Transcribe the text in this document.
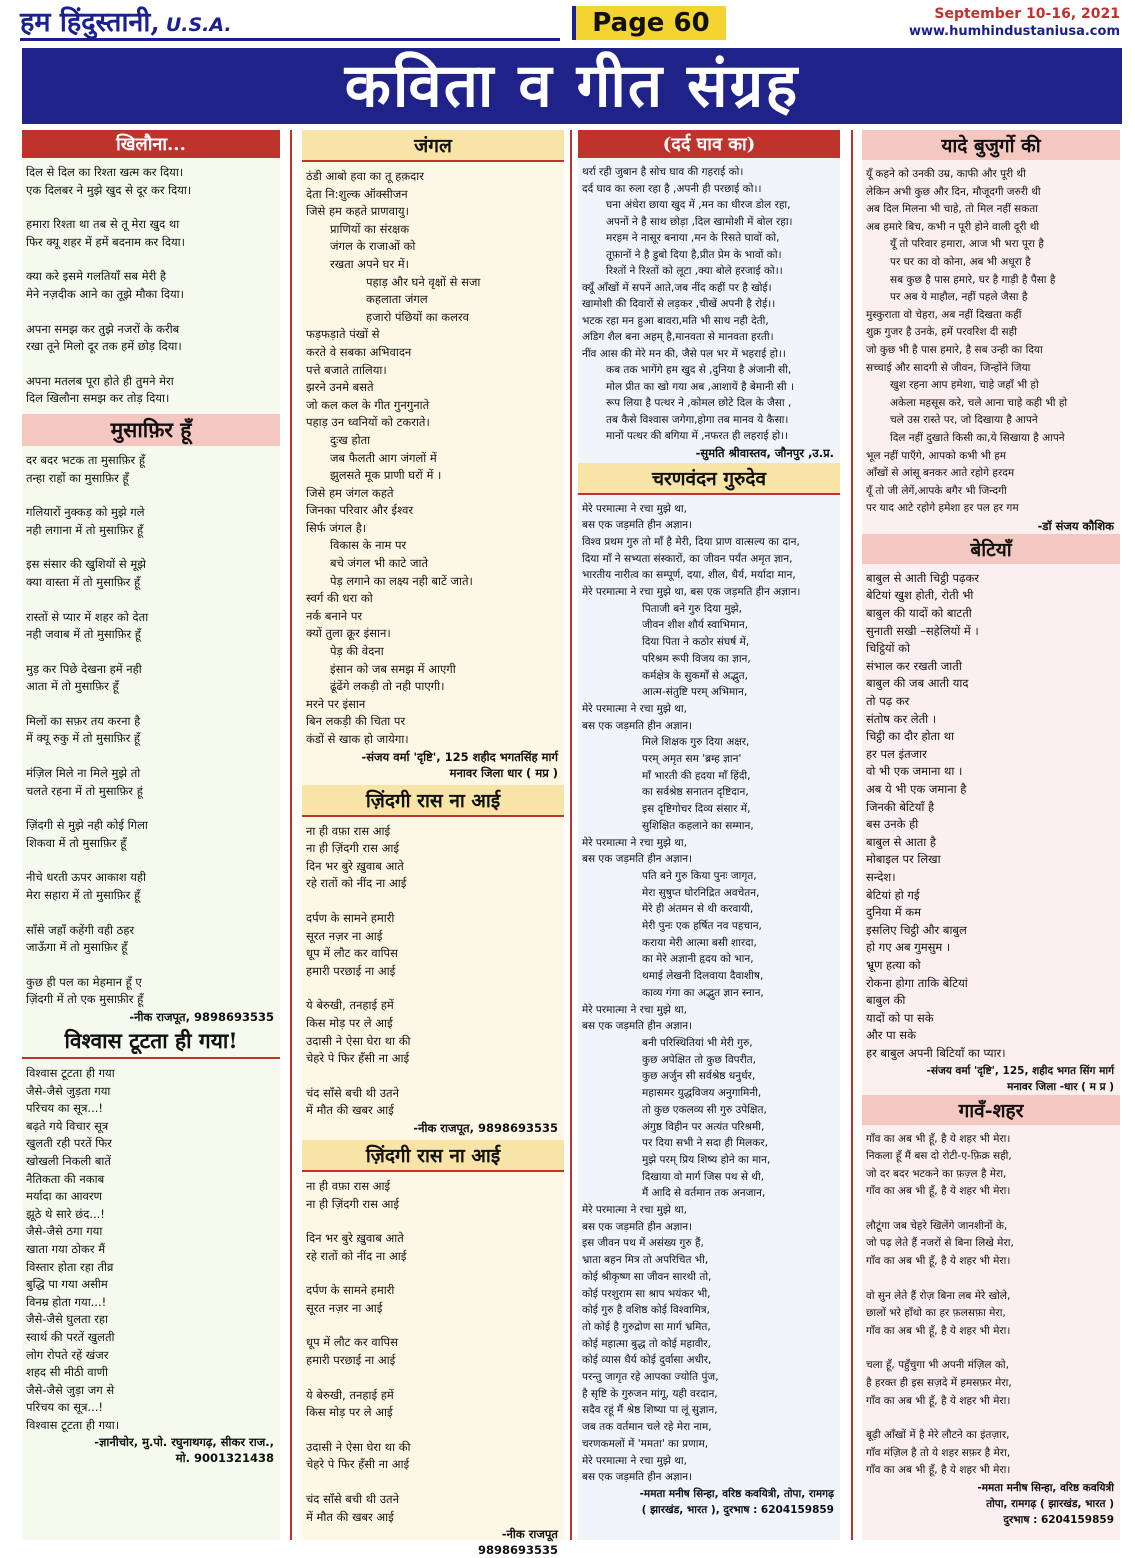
हम हिंदुस्तानी, U.S.A.	Page 60	September 10-16, 2021
www.humhindustaniusa.com
कविता व गीत संग्रह
खिलौना...
दिल से दिल का रिश्ता खत्म कर दिया।
एक दिलबर ने मुझे खुद से दूर कर दिया।
हमारा रिश्ता था तब से तू मेरा खुद था
फिर क्यू शहर में हमें बदनाम कर दिया।
क्या करे इसमे गलतियाँ सब मेरी है
मेने नज़दीक आने का तूझे मौका दिया।
अपना समझ कर तुझे नजरों के करीब
रखा तूने मिलो दूर तक हमें छोड़ दिया।
अपना मतलब पूरा होते ही तुमने मेरा
दिल खिलौना समझ कर तोड़ दिया।
मुसाफ़िर हूँ
दर बदर भटक ता मुसाफ़िर हूँ
तन्हा राहों का मुसाफ़िर हूँ
गलियारों नुक्कड़ को मुझे गले
नही लगाना में तो मुसाफ़िर हूँ
इस संसार की खुशियों से मूझे
क्या वास्ता में तो मुसाफ़िर हूँ
रास्तों से प्यार में शहर को देता
नही जवाब में तो मुसाफ़िर हूँ
मुड़ कर पिछे देखना हमें नही
आता में तो मुसाफ़िर हूँ
मिलों का सफ़र तय करना है
में क्यू रुकु में तो मुसाफ़िर हूँ
मंज़िल मिले ना मिले मुझे तो
चलते रहना में तो मुसाफ़िर हूं
ज़िंदगी से मुझे नही कोई गिला
शिकवा में तो मुसाफ़िर हूँ
नीचे धरती ऊपर आकाश यही
मेरा सहारा में तो मुसाफ़िर हूँ
साँसे जहाँ कहेंगी वही ठहर
जाऊँगा में तो मुसाफ़िर हूँ
कुछ ही पल का मेहमान हूँ ए
ज़िंदगी में तो एक मुसाफ़ीर हूँ
-नीक राजपूत, 9898693535
विश्वास टूटता ही गया!
विश्वास टूटता ही गया
जैसे-जैसे जुड़ता गया
परिचय का सूत्र...!
बढ़ते गये विचार सूत्र
खुलती रही परतें फिर
खोखली निकली बातें
नैतिकता की नकाब
मर्यादा का आवरण
झूठे थे सारे छंद...!
जैसे-जैसे ठगा गया
खाता गया ठोकर मैं
विस्तार होता रहा तीव्र
बुद्धि पा गया असीम
विनम्र होता गया...!
जैसे-जैसे घुलता रहा
स्वार्थ की परतें खुलती
लोग रोपते रहें खंजर
शहद सी मीठी वाणी
जैसे-जैसे जुड़ा जग से
परिचय का सूत्र...!
विश्वास टूटता ही गया।
-ज्ञानीचोर, मु.पो. रघुनाथगढ़, सीकर राज.,
मो. 9001321438
जंगल
ठंडी आबो हवा का तू हक़दार
देता नि:शुल्क ऑक्सीजन
जिसे हम कहते प्राणवायु।
प्राणियों का संरक्षक
जंगल के राजाओं को
रखता अपने घर में।
पहाड़ और घने वृक्षों से सजा
कहलाता जंगल
हजारो पंछियों का कलरव
फड़फड़ाते पंखों से
करते वे सबका अभिवादन
पत्ते बजाते तालिया।
झरने उनमे बसते
जो कल कल के गीत गुनगुनाते
पहाड़ उन ध्वनियों को टकराते।
दुःख होता
जब फैलती आग जंगलों में
झुलसते मूक प्राणी घरों में ।
जिसे हम जंगल कहते
जिनका परिवार और ईश्वर
सिर्फ जंगल है।
विकास के नाम पर
बचे जंगल भी काटे जाते
पेड़ लगाने का लक्ष्य नही बाटें जाते।
स्वर्ग की धरा को
नर्क बनाने पर
क्यों तुला क्रूर इंसान।
पेड़ की वेदना
इंसान को जब समझ में आएगी
ढूंढेंगे लकड़ी तो नही पाएगी।
मरने पर इंसान
बिन लकड़ी की चिता पर
कंडों से खाक हो जायेगा।
-संजय वर्मा 'दृष्टि', 125 शहीद भगतसिंह मार्ग
मनावर जिला धार ( मप्र )
ज़िंदगी रास ना आई
ना ही वफ़ा रास आई
ना ही ज़िंदगी रास आई
दिन भर बुरे ख़ुवाब आते
रहे रातों को नींद ना आई
दर्पण के सामने हमारी
सूरत नज़र ना आई
धूप में लौट कर वापिस
हमारी परछाई ना आई
ये बेरुखी, तनहाई हमें
किस मोड़ पर ले आई
उदासी ने ऐसा घेरा था की
चेहरे पे फिर हँसी ना आई
चंद साँसे बची थी उतने
में मौत की खबर आई
-नीक राजपूत, 9898693535
ज़िंदगी रास ना आई
ना ही वफ़ा रास आई
ना ही ज़िंदगी रास आई
दिन भर बुरे ख़ुवाब आते
रहे रातों को नींद ना आई
दर्पण के सामने हमारी
सूरत नज़र ना आई
धूप में लौट कर वापिस
हमारी परछाई ना आई
ये बेरुखी, तनहाई हमें
किस मोड़ पर ले आई
उदासी ने ऐसा घेरा था की
चेहरे पे फिर हँसी ना आई
चंद साँसे बची थी उतने
में मौत की खबर आई
-नीक राजपूत
9898693535
(दर्द घाव का)
थर्रा रही जुबान है सोच घाव की गहराई को।
दर्द घाव का रुला रहा है ,अपनी ही परछाई को।।
घना अंधेरा छाया खुद में ,मन का धीरज डोल रहा,
अपनों ने है साथ छोड़ा ,दिल खामोशी में बोल रहा।
मरहम ने नासूर बनाया ,मन के रिसते घावों को,
तूफ़ानों ने है डुबो दिया है,प्रीत प्रेम के भावों को।
रिश्तों ने रिश्तों को लूटा ,क्या बोले हरजाई को।।
क्यूँ आँखों में सपनें आते,जब नींद कहीं पर है खोई।
खामोशी की दिवारों से लड़कर ,चीखें अपनी है रोई।।
भटक रहा मन हुआ बावरा,मति भी साथ नही देती,
अडिग शैल बना अहम् है,मानवता से मानवता हरती।
नींव आस की मेरे मन की, जैसे पल भर में भहराई हो।।
कब तक भागेंगे हम खुद से ,दुनिया है अंजानी सी,
मोल प्रीत का खो गया अब ,आशायें है बेमानी सी ।
रूप लिया है पत्थर ने ,कोमल छोटे दिल के जैसा ,
तब कैसे विश्वास जगेगा,होगा तब मानव ये कैसा।
मानों पत्थर की बगिया में ,नफरत ही लहराई हो।।
-सुमति श्रीवास्तव, जौनपुर ,उ.प्र.
चरणवंदन गुरुदेव
मेरे परमात्मा ने रचा मुझे था,
बस एक जड़मति हीन अज्ञान।
विश्व प्रथम गुरु तो माँ है मेरी, दिया प्राण वात्सल्य का दान,
दिया माँ ने सभ्यता संस्कारों, का जीवन पर्यंत अमृत ज्ञान,
भारतीय नारीत्व का सम्पूर्ण, दया, शील, धैर्य, मर्यादा मान,
मेरे परमात्मा ने रचा मुझे था, बस एक जड़मति हीन अज्ञान।
पिताजी बने गुरु दिया मुझे,
जीवन शीश शौर्य स्वाभिमान,
दिया पिता ने कठोर संघर्ष में,
परिश्रम रूपी विजय का ज्ञान,
कर्मक्षेत्र के सुकर्मों से अद्भुत,
आत्म-संतुष्टि परम् अभिमान,
मेरे परमात्मा ने रचा मुझे था,
बस एक जड़मति हीन अज्ञान।
मिले शिक्षक गुरु दिया अक्षर,
परम् अमृत सम 'ब्रम्ह ज्ञान'
माँ भारती की हदया माँ हिंदी,
का सर्वश्रेष्ठ सनातन दृष्टिदान,
इस दृष्टिगोचर दिव्य संसार में,
सुशिक्षित कहलाने का सम्मान,
मेरे परमात्मा ने रचा मुझे था,
बस एक जड़मति हीन अज्ञान।
पति बने गुरु किया पुनः जागृत,
मेरा सुषुप्त घोरनिद्रित अवचेतन,
मेरे ही अंतमन से थी करवायी,
मेरी पुनः एक हर्षित नव पहचान,
कराया मेरी आत्मा बसी शारदा,
का मेरे अज्ञानी हृदय को भान,
थमाई लेखनी दिलवाया दैवाशीष,
काव्य गंगा का अद्भुत ज्ञान स्नान,
मेरे परमात्मा ने रचा मुझे था,
बस एक जड़मति हीन अज्ञान।
बनी परिस्थितियां भी मेरी गुरु,
कुछ अपेक्षित तो कुछ विपरीत,
कुछ अर्जुन सी सर्वश्रेष्ठ धनुर्धर,
महासमर युद्धविजय अनुगामिनी,
तो कुछ एकलव्य सी गुरु उपेक्षित,
अंगुष्ठ विहीन पर अत्यंत परिश्रमी,
पर दिया सभी ने सदा ही मिलकर,
मुझे परम् प्रिय शिष्य होने का मान,
दिखाया वो मार्ग जिस पथ से थी,
मैं आदि से वर्तमान तक अनजान,
मेरे परमात्मा ने रचा मुझे था,
बस एक जड़मति हीन अज्ञान।
इस जीवन पथ में असंख्य गुरु हैं,
भ्राता बहन मित्र तो अपरिचित भी,
कोई श्रीकृष्ण सा जीवन सारथी तो,
कोई परशुराम सा श्राप भयंकर भी,
कोई गुरु है वशिष्ठ कोई विश्वामित्र,
तो कोई है गुरुद्रोण सा मार्ग भ्रमित,
कोई महात्मा बुद्ध तो कोई महावीर,
कोई व्यास धैर्य कोई दुर्वासा अधीर,
परन्तु जागृत रहे आपका ज्योति पुंज,
है सृष्टि के गुरुजन मांगू, यही वरदान,
सदैव रहूं मैं श्रेष्ठ शिष्या पा लूं सुज्ञान,
जब तक वर्तमान चले रहे मेरा नाम,
चरणकमलों में 'ममता' का प्रणाम,
मेरे परमात्मा ने रचा मुझे था,
बस एक जड़मति हीन अज्ञान।
-ममता मनीष सिन्हा, वरिष्ठ कवयित्री, तोपा, रामगढ़
( झारखंड, भारत ), दुरभाष : 6204159859
यादे बुजुर्गो की
यूँ कहने को उनकी उम्र, काफी और पूरी थी
लेकिन अभी कुछ और दिन, मौजूदगी जरुरी थी
अब दिल मिलना भी चाहे, तो मिल नहीं सकता
अब हमारे बिच, कभी न पूरी होने वाली दूरी थी
यूँ तो परिवार हमारा, आज भी भरा पूरा है
पर घर का वो कोना, अब भी अधूरा है
सब कुछ है पास हमारे, घर है गाड़ी है पैसा है
पर अब ये माहौल, नहीं पहले जैसा है
मुस्कुराता वो चेहरा, अब नहीं दिखता कहीं
शुक्र गुजर है उनके, हमें परवरिश दी सही
जो कुछ भी है पास हमारे, है सब उन्ही का दिया
सच्चाई और सादगी से जीवन, जिन्होंने जिया
खुश रहना आप हमेशा, चाहे जहाँ भी हो
अकेला महसूस करे, चले आना चाहे कही भी हो
चले उस रास्ते पर, जो दिखाया है आपने
दिल नहीं दुखाते किसी का,ये सिखाया है आपने
भूल नहीं पाएँगे, आपको कभी भी हम
आँखों से आंसू बनकर आते रहोगे हरदम
यूँ तो जी लेगें,आपके बगैर भी जिन्दगी
पर याद आटे रहोगे हमेशा हर पल हर गम
-डॉ संजय कौशिक
बेटियाँ
बाबुल से आती चिट्ठी पढ़कर
बेटियां खुश होती, रोती भी
बाबुल की यादों को बाटती
सुनाती सखी –सहेलियों में ।
चिट्ठियों को
संभाल कर रखती जाती
बाबुल की जब आती याद
तो पढ़ कर
संतोष कर लेती ।
चिट्ठी का दौर होता था
हर पल इंतजार
वो भी एक जमाना था ।
अब ये भी एक जमाना है
जिनकी बेटियाँ है
बस उनके ही
बाबुल से आता है
मोबाइल पर लिखा
सन्देश।
बेटियां हो गई
दुनिया में कम
इसलिए चिट्ठी और बाबुल
हो गए अब गुमसुम ।
भ्रूण हत्या को
रोकना होगा ताकि बेटियां
बाबुल की
यादों को पा सके
और पा सके
हर बाबुल अपनी बिटियाँ का प्यार।
-संजय वर्मा 'दृष्टि', 125, शहीद भगत सिंग मार्ग
मनावर जिला -धार ( म प्र )
गावँ-शहर
गाँव का अब भी हूँ, है ये शहर भी मेरा।
निकला हूँ मैं बस दो रोटी-ए-फ़िक्र सही,
जो दर बदर भटकने का फ़ज़्ल है मेरा,
गाँव का अब भी हूँ, है ये शहर भी मेरा।
लौटूंगा जब चेहरे खिलेंगे जानशीनों के,
जो पढ़ लेते हैं नजरों से बिना लिखे मेरा,
गाँव का अब भी हूँ, है ये शहर भी मेरा।
वो सुन लेते हैं रोज़ बिना लब मेरे खोले,
छालों भरे हाँथो का हर फ़लसफ़ा मेरा,
गाँव का अब भी हूँ, है ये शहर भी मेरा।
चला हूँ, पहुँचुगा भी अपनी मंज़िल को,
है हरक्त ही इस सज़दे में हमसफ़र मेरा,
गाँव का अब भी हूँ, है ये शहर भी मेरा।
बूढ़ी आँखों में है मेरे लौटने का इंतज़ार,
गाँव मंज़िल है तो ये शहर सफ़र है मेरा,
गाँव का अब भी हूँ, है ये शहर भी मेरा।
-ममता मनीष सिन्हा, वरिष्ठ कवयित्री
तोपा, रामगढ़ ( झारखंड, भारत )
दुरभाष : 6204159859
